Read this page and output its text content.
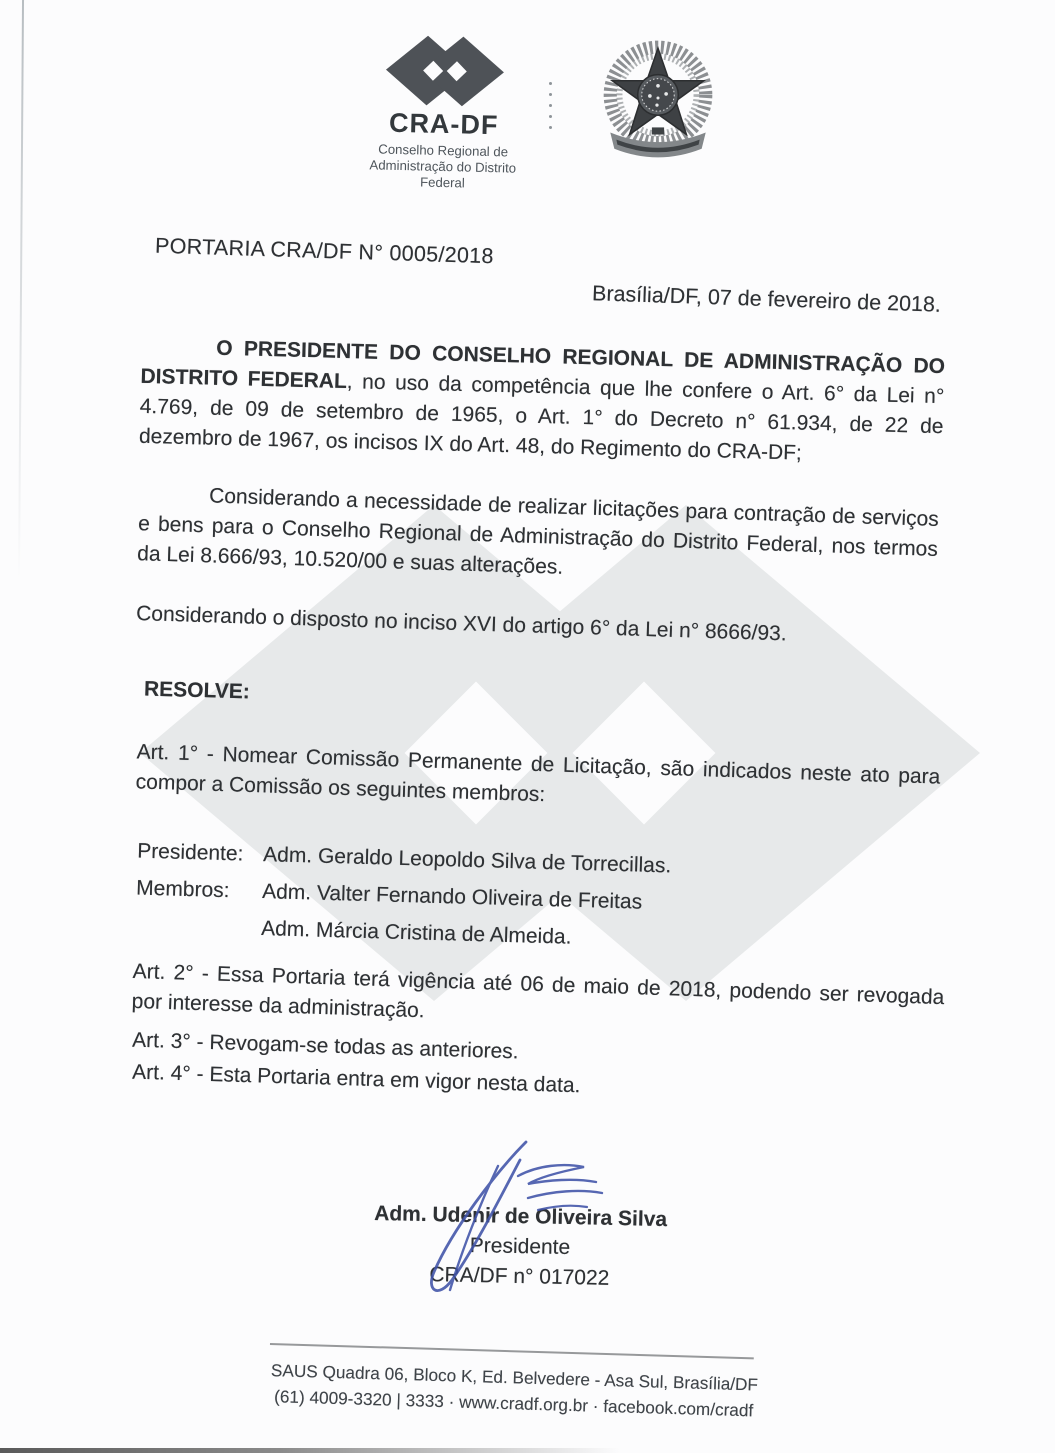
CRA-DF
Conselho Regional de
Administração do Distrito Federal
PORTARIA CRA/DF N° 0005/2018
Brasília/DF, 07 de fevereiro de 2018.
O PRESIDENTE DO CONSELHO REGIONAL DE ADMINISTRAÇÃO DO DISTRITO FEDERAL, no uso da competência que lhe confere o Art. 6° da Lei n° 4.769, de 09 de setembro de 1965, o Art. 1° do Decreto n° 61.934, de 22 de dezembro de 1967, os incisos IX do Art. 48, do Regimento do CRA-DF;
Considerando a necessidade de realizar licitações para contração de serviços e bens para o Conselho Regional de Administração do Distrito Federal, nos termos da Lei 8.666/93, 10.520/00 e suas alterações.
Considerando o disposto no inciso XVI do artigo 6° da Lei n° 8666/93.
RESOLVE:
Art. 1° - Nomear Comissão Permanente de Licitação, são indicados neste ato para compor a Comissão os seguintes membros:
Presidente: Adm. Geraldo Leopoldo Silva de Torrecillas.
Membros:	Adm. Valter Fernando Oliveira de Freitas
Adm. Márcia Cristina de Almeida.
Art. 2° - Essa Portaria terá vigência até 06 de maio de 2018, podendo ser revogada por interesse da administração.
Art. 3° - Revogam-se todas as anteriores.
Art. 4° - Esta Portaria entra em vigor nesta data.
Adm. Udenir de Oliveira Silva
Presidente
CRA/DF n° 017022
SAUS Quadra 06, Bloco K, Ed. Belvedere - Asa Sul, Brasília/DF
(61) 4009-3320 | 3333 · www.cradf.org.br · facebook.com/cradf
